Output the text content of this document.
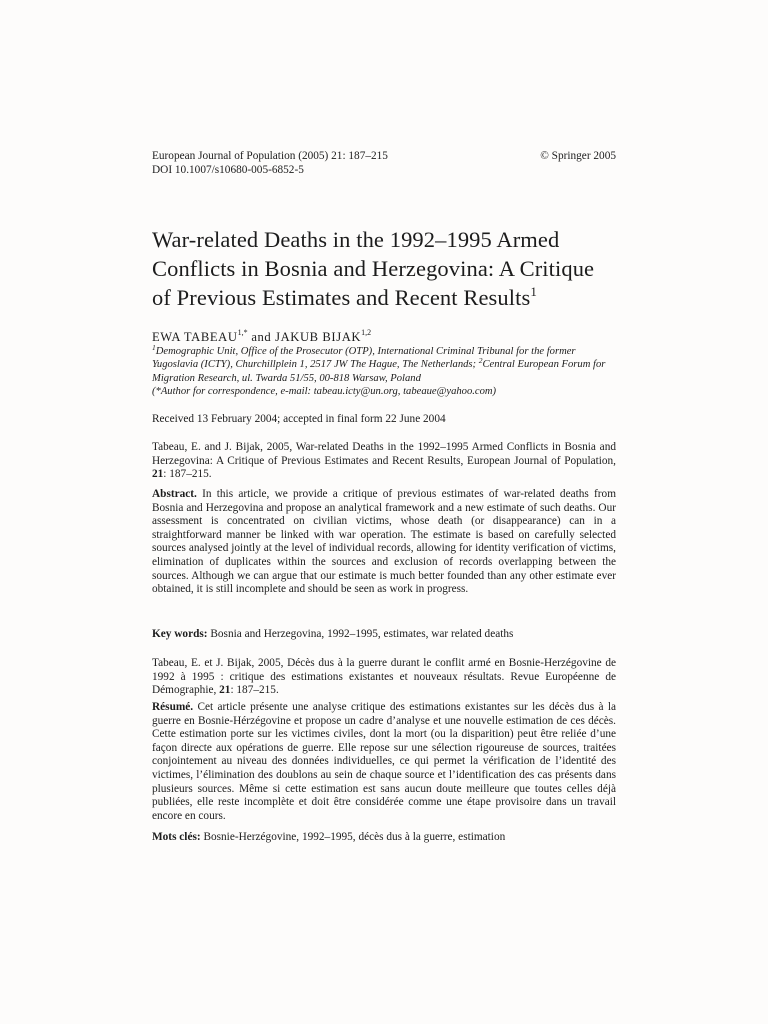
European Journal of Population (2005) 21: 187–215	© Springer 2005
DOI 10.1007/s10680-005-6852-5
War-related Deaths in the 1992–1995 Armed
Conflicts in Bosnia and Herzegovina: A Critique
of Previous Estimates and Recent Results$^1$
EWA $TABEAU^{1,*}$ and JAKUB BIJAK$^{1,2}$
$^1$Demographic Unit, Office of the Prosecutor (OTP), International Criminal Tribunal for the former Yugoslavia (ICTY), Churchillplein 1, 2517 JW The Hague, The Netherlands; $^2$Central European Forum for Migration Research, ul. Twarda 51/55, 00-818 Warsaw, Poland
(*Author for correspondence, e-mail: tabeau.icty@un.org, tabeaue@yahoo.com)

Received 13 February 2004; accepted in final form 22 June 2004

Tabeau, E. and J. Bijak, 2005, War-related Deaths in the 1992–1995 Armed Conflicts in Bosnia and Herzegovina: A Critique of Previous Estimates and Recent Results, European Journal of Population, 21: 187–215.

Abstract. In this article, we provide a critique of previous estimates of war-related deaths from Bosnia and Herzegovina and propose an analytical framework and a new estimate of such deaths. Our assessment is concentrated on civilian victims, whose death (or disappearance) can in a straightforward manner be linked with war operation. The estimate is based on carefully selected sources analysed jointly at the level of individual records, allowing for identity verification of victims, elimination of duplicates within the sources and exclusion of records overlapping between the sources. Although we can argue that our estimate is much better founded than any other estimate ever obtained, it is still incomplete and should be seen as work in progress.

Key words: Bosnia and Herzegovina, 1992–1995, estimates, war related deaths

Tabeau, E. et J. Bijak, 2005, Décès dus à la guerre durant le conflit armé en Bosnie-Herzégovine de 1992 à 1995 : critique des estimations existantes et nouveaux résultats. Revue Européenne de Démographie, 21: 187–215.

Résumé. Cet article présente une analyse critique des estimations existantes sur les décès dus à la guerre en Bosnie-Hérzégovine et propose un cadre d’analyse et une nouvelle estimation de ces décès. Cette estimation porte sur les victimes civiles, dont la mort (ou la disparition) peut être reliée d’une façon directe aux opérations de guerre. Elle repose sur une sélection rigoureuse de sources, traitées conjointement au niveau des données individuelles, ce qui permet la vérification de l’identité des victimes, l’élimination des doublons au sein de chaque source et l’identification des cas présents dans plusieurs sources. Même si cette estimation est sans aucun doute meilleure que toutes celles déjà publiées, elle reste incomplète et doit être considérée comme une étape provisoire dans un travail encore en cours.

Mots clés: Bosnie-Herzégovine, 1992–1995, décès dus à la guerre, estimation
